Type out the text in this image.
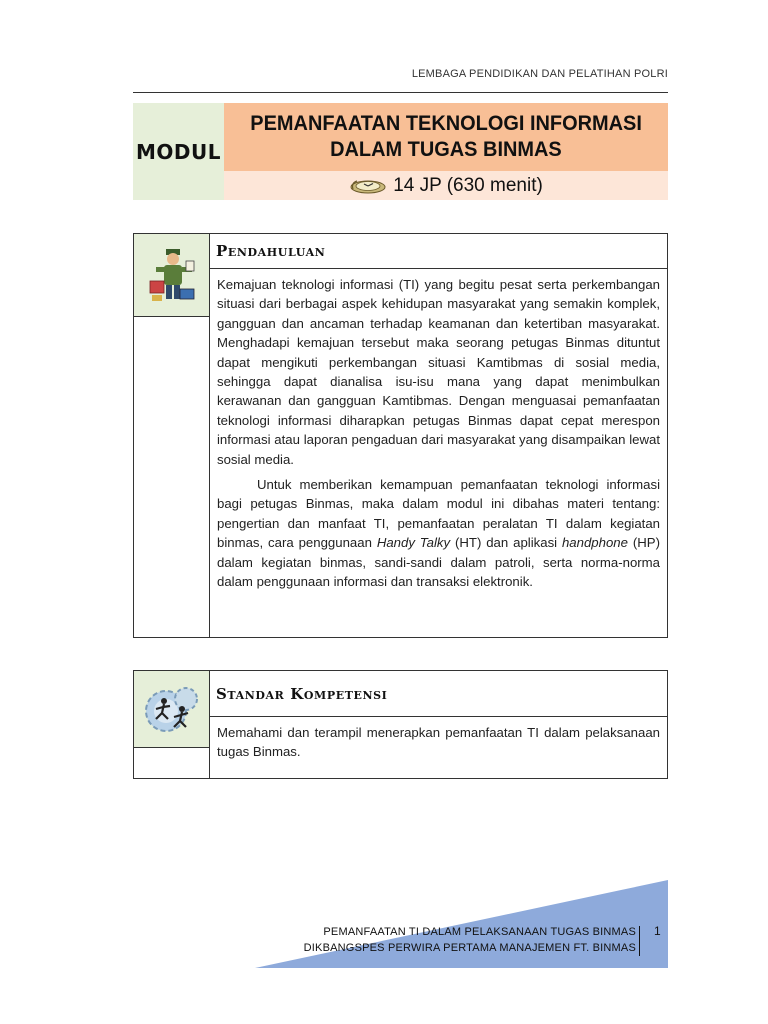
LEMBAGA PENDIDIKAN DAN PELATIHAN POLRI
MODUL
PEMANFAATAN TEKNOLOGI INFORMASI
DALAM TUGAS BINMAS
14 JP (630 menit)
Pendahuluan

Kemajuan teknologi informasi (TI) yang begitu pesat serta perkembangan situasi dari berbagai aspek kehidupan masyarakat yang semakin komplek, gangguan dan ancaman terhadap keamanan dan ketertiban masyarakat. Menghadapi kemajuan tersebut maka seorang petugas Binmas dituntut dapat mengikuti perkembangan situasi Kamtibmas di sosial media, sehingga dapat dianalisa isu-isu mana yang dapat menimbulkan kerawanan dan gangguan Kamtibmas. Dengan menguasai pemanfaatan teknologi informasi diharapkan petugas Binmas dapat cepat merespon informasi atau laporan pengaduan dari masyarakat yang disampaikan lewat sosial media.

Untuk memberikan kemampuan pemanfaatan teknologi informasi bagi petugas Binmas, maka dalam modul ini dibahas materi tentang: pengertian dan manfaat TI, pemanfaatan peralatan TI dalam kegiatan binmas, cara penggunaan Handy Talky (HT) dan aplikasi handphone (HP) dalam kegiatan binmas, sandi-sandi dalam patroli, serta norma-norma dalam penggunaan informasi dan transaksi elektronik.

Standar Kompetensi

Memahami dan terampil menerapkan pemanfaatan TI dalam pelaksanaan tugas Binmas.

PEMANFAATAN TI DALAM PELAKSANAAN TUGAS BINMAS
DIKBANGSPES PERWIRA PERTAMA MANAJEMEN FT. BINMAS
1
